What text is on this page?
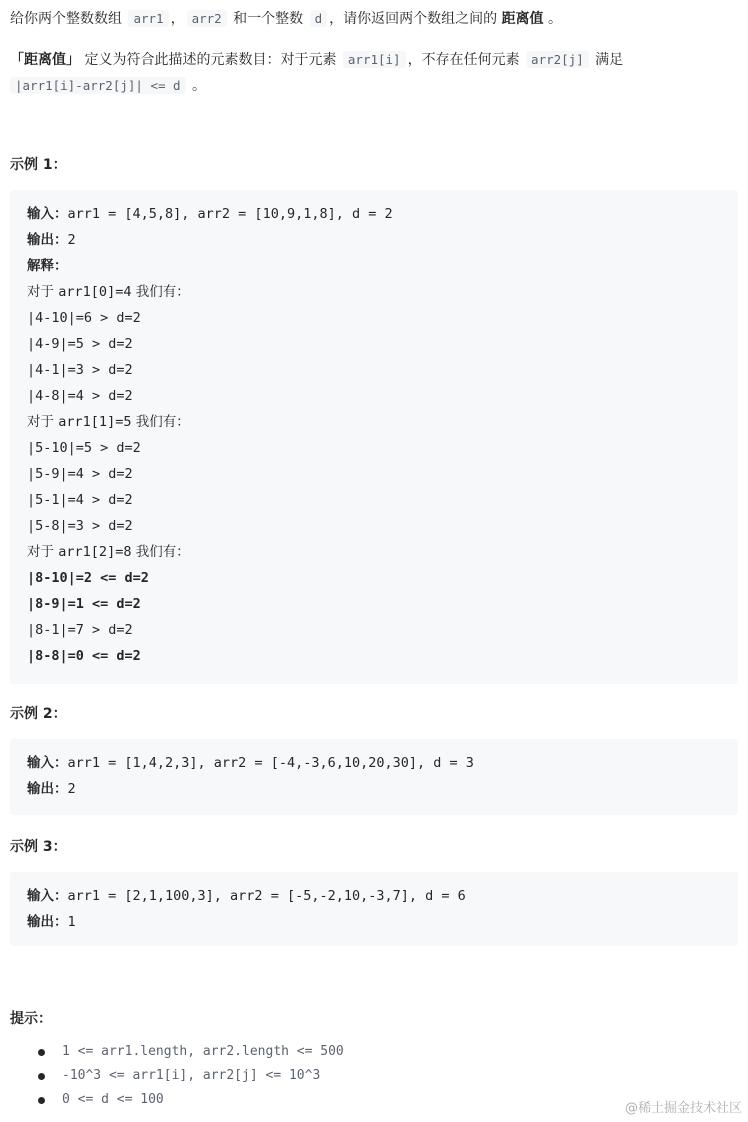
给你两个整数数组 arr1 ， arr2 和一个整数 d ，请你返回两个数组之间的 距离值 。
「距离值」 定义为符合此描述的元素数目：对于元素 arr1[i] ，不存在任何元素 arr2[j] 满足
|arr1[i]-arr2[j]| <= d 。
示例 1：
输入：arr1 = [4,5,8], arr2 = [10,9,1,8], d = 2
输出：2
解释：
对于 arr1[0]=4 我们有：
|4-10|=6 > d=2
|4-9|=5 > d=2
|4-1|=3 > d=2
|4-8|=4 > d=2
对于 arr1[1]=5 我们有：
|5-10|=5 > d=2
|5-9|=4 > d=2
|5-1|=4 > d=2
|5-8|=3 > d=2
对于 arr1[2]=8 我们有：
|8-10|=2 <= d=2
|8-9|=1 <= d=2
|8-1|=7 > d=2
|8-8|=0 <= d=2
示例 2：
输入：arr1 = [1,4,2,3], arr2 = [-4,-3,6,10,20,30], d = 3
输出：2
示例 3：
输入：arr1 = [2,1,100,3], arr2 = [-5,-2,10,-3,7], d = 6
输出：1
提示：
1 <= arr1.length, arr2.length <= 500
-10^3 <= arr1[i], arr2[j] <= 10^3
0 <= d <= 100
@稀土掘金技术社区
